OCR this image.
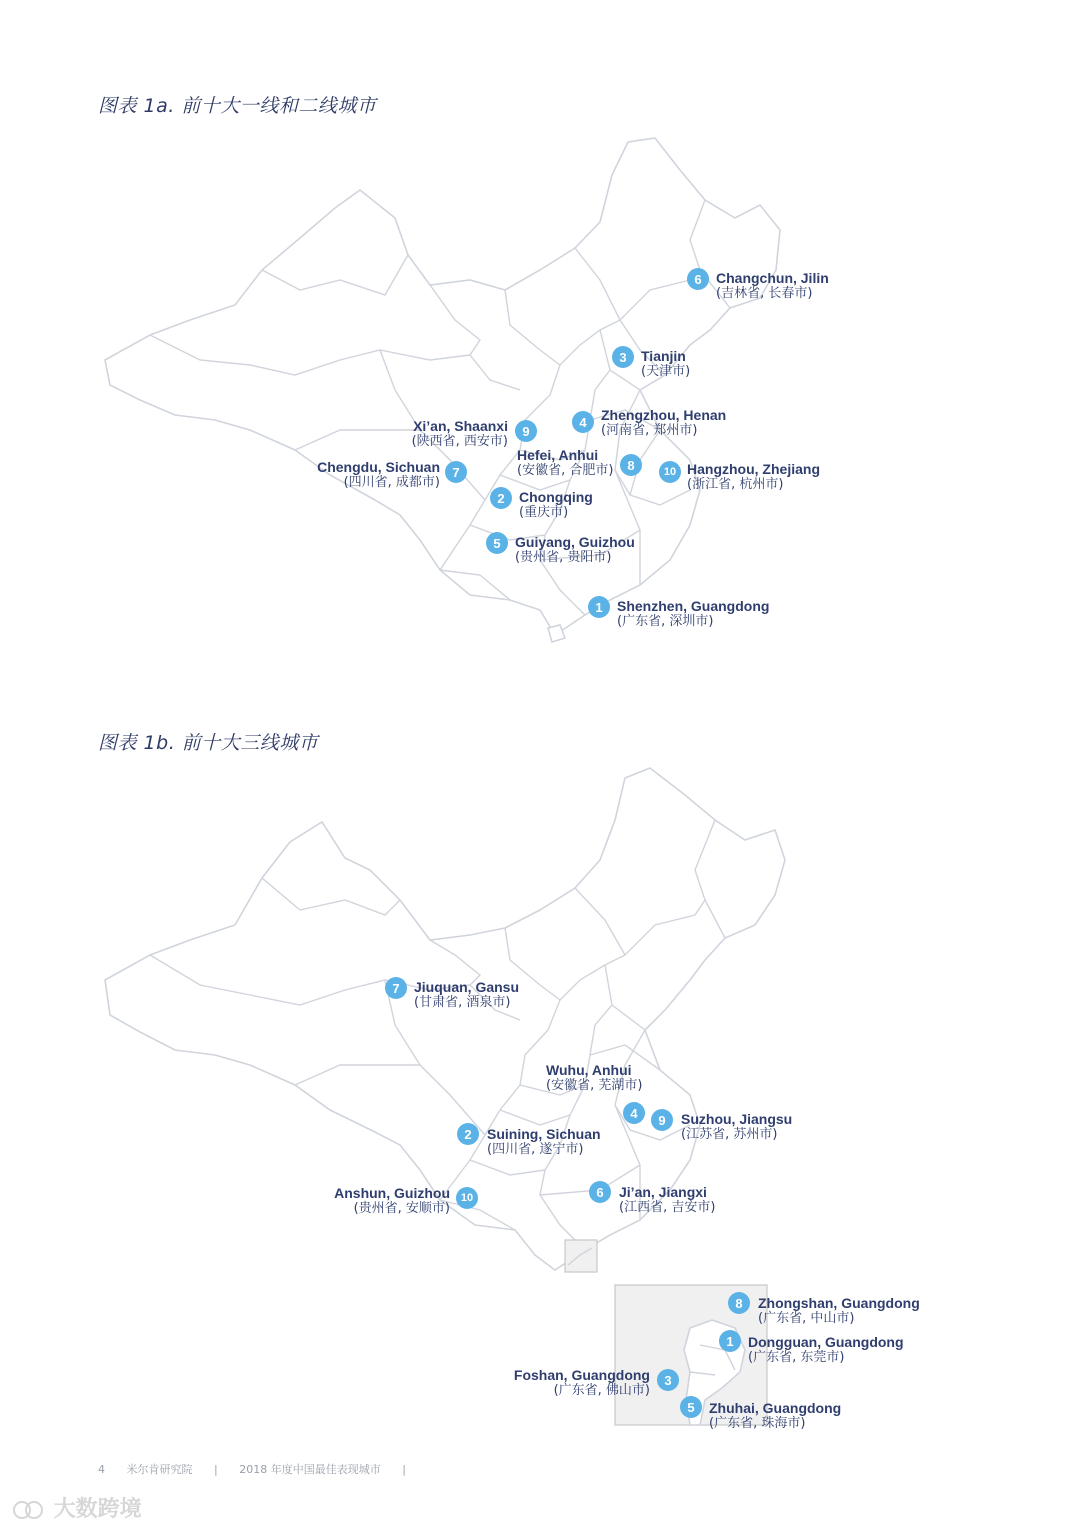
图表 1a. 前十大一线和二线城市
图表 1b. 前十大三线城市
6	Changchun, Jilin
(吉林省, 长春市)
3	Tianjin
(天津市)
4	Zhengzhou, Henan
(河南省, 郑州市)
9
Xi’an, Shaanxi
(陕西省, 西安市)
8
Hefei, Anhui
(安徽省, 合肥市)
7
Chengdu, Sichuan
(四川省, 成都市)
10 Hangzhou, Zhejiang
(浙江省, 杭州市)
2	Chongqing
(重庆市)
5	Guiyang, Guizhou
(贵州省, 贵阳市)
1	Shenzhen, Guangdong
(广东省, 深圳市)
7	Jiuquan, Gansu
(甘肃省, 酒泉市)
4
Wuhu, Anhui
(安徽省, 芜湖市)
9	Suzhou, Jiangsu
(江苏省, 苏州市)
2	Suining, Sichuan
(四川省, 遂宁市)
10
Anshun, Guizhou
(贵州省, 安顺市)
6	Ji’an, Jiangxi
(江西省, 吉安市)
8	Zhongshan, Guangdong
(广东省, 中山市)
1	Dongguan, Guangdong
(广东省, 东莞市)
3
Foshan, Guangdong
(广东省, 佛山市)
5	Zhuhai, Guangdong
(广东省, 珠海市)
4 米尔肯研究院 | 2018 年度中国最佳表现城市 |
大数跨境
